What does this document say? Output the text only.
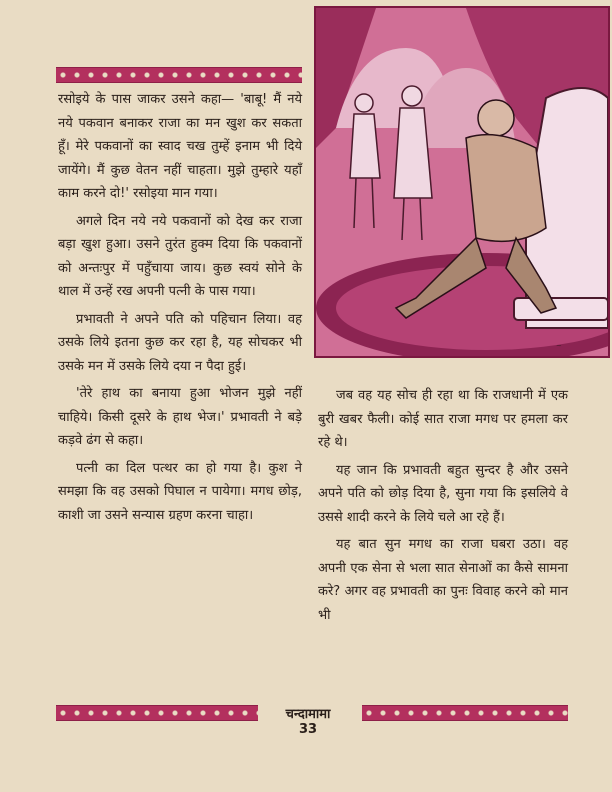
~

रसोइये के पास जाकर उसने कहा— 'बाबू! मैं नये नये पकवान बनाकर राजा का मन खुश कर सकता हूँ। मेरे पकवानों का स्वाद चख तुम्हें इनाम भी दिये जायेंगे। मैं कुछ वेतन नहीं चाहता। मुझे तुम्हारे यहाँ काम करने दो!' रसोइया मान गया।

अगले दिन नये नये पकवानों को देख कर राजा बड़ा खुश हुआ। उसने तुरंत हुक्म दिया कि पकवानों को अन्तःपुर में पहुँचाया जाय। कुछ स्वयं सोने के थाल में उन्हें रख अपनी पत्नी के पास गया।

प्रभावती ने अपने पति को पहिचान लिया। वह उसके लिये इतना कुछ कर रहा है, यह सोचकर भी उसके मन में उसके लिये दया न पैदा हुई।

'तेरे हाथ का बनाया हुआ भोजन मुझे नहीं चाहिये। किसी दूसरे के हाथ भेज।' प्रभावती ने बड़े कड़वे ढंग से कहा।

पत्नी का दिल पत्थर का हो गया है। कुश ने समझा कि वह उसको पिघाल न पायेगा। मगध छोड़, काशी जा उसने सन्यास ग्रहण करना चाहा।

जब वह यह सोच ही रहा था कि राजधानी में एक बुरी खबर फैली। कोई सात राजा मगध पर हमला कर रहे थे।

यह जान कि प्रभावती बहुत सुन्दर है और उसने अपने पति को छोड़ दिया है, सुना गया कि इसलिये वे उससे शादी करने के लिये चले आ रहे हैं।

यह बात सुन मगध का राजा घबरा उठा। वह अपनी एक सेना से भला सात सेनाओं का कैसे सामना करे? अगर वह प्रभावती का पुनः विवाह करने को मान भी

चन्दामामा
33
